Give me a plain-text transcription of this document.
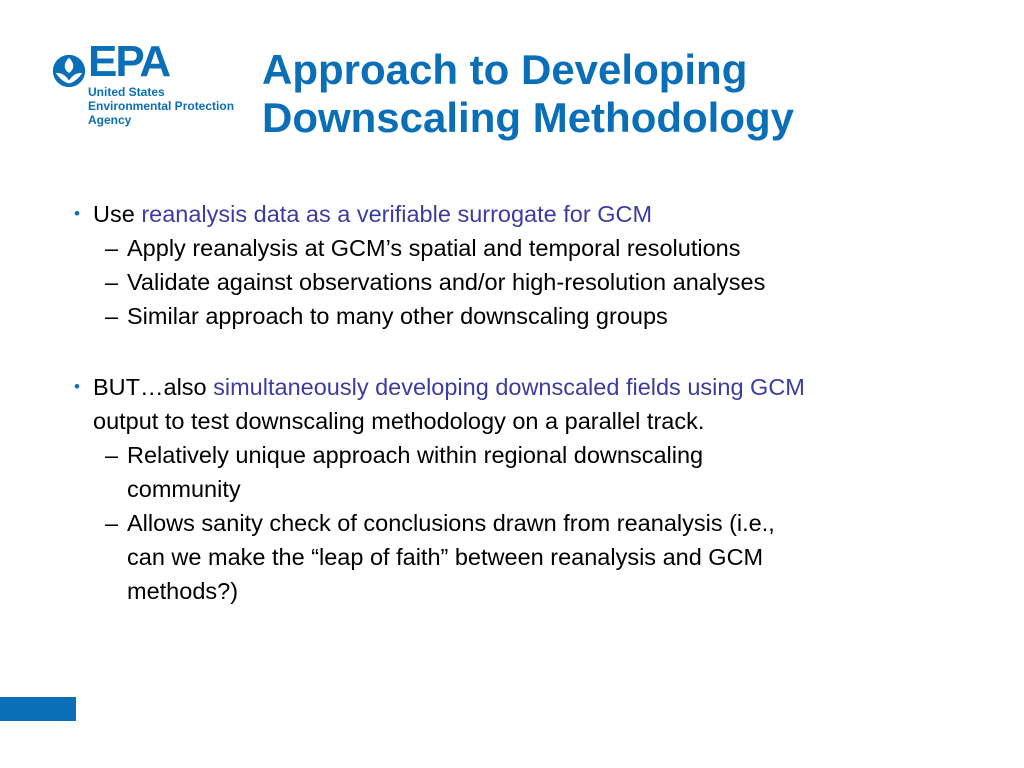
EPA
United States
Environmental Protection
Agency
Approach to Developing
Downscaling Methodology
• Use reanalysis data as a verifiable surrogate for GCM
– Apply reanalysis at GCM’s spatial and temporal resolutions
– Validate against observations and/or high-resolution analyses
– Similar approach to many other downscaling groups
• BUT…also simultaneously developing downscaled fields using GCM
output to test downscaling methodology on a parallel track.
– Relatively unique approach within regional downscaling
community
– Allows sanity check of conclusions drawn from reanalysis (i.e.,
can we make the “leap of faith” between reanalysis and GCM
methods?)
